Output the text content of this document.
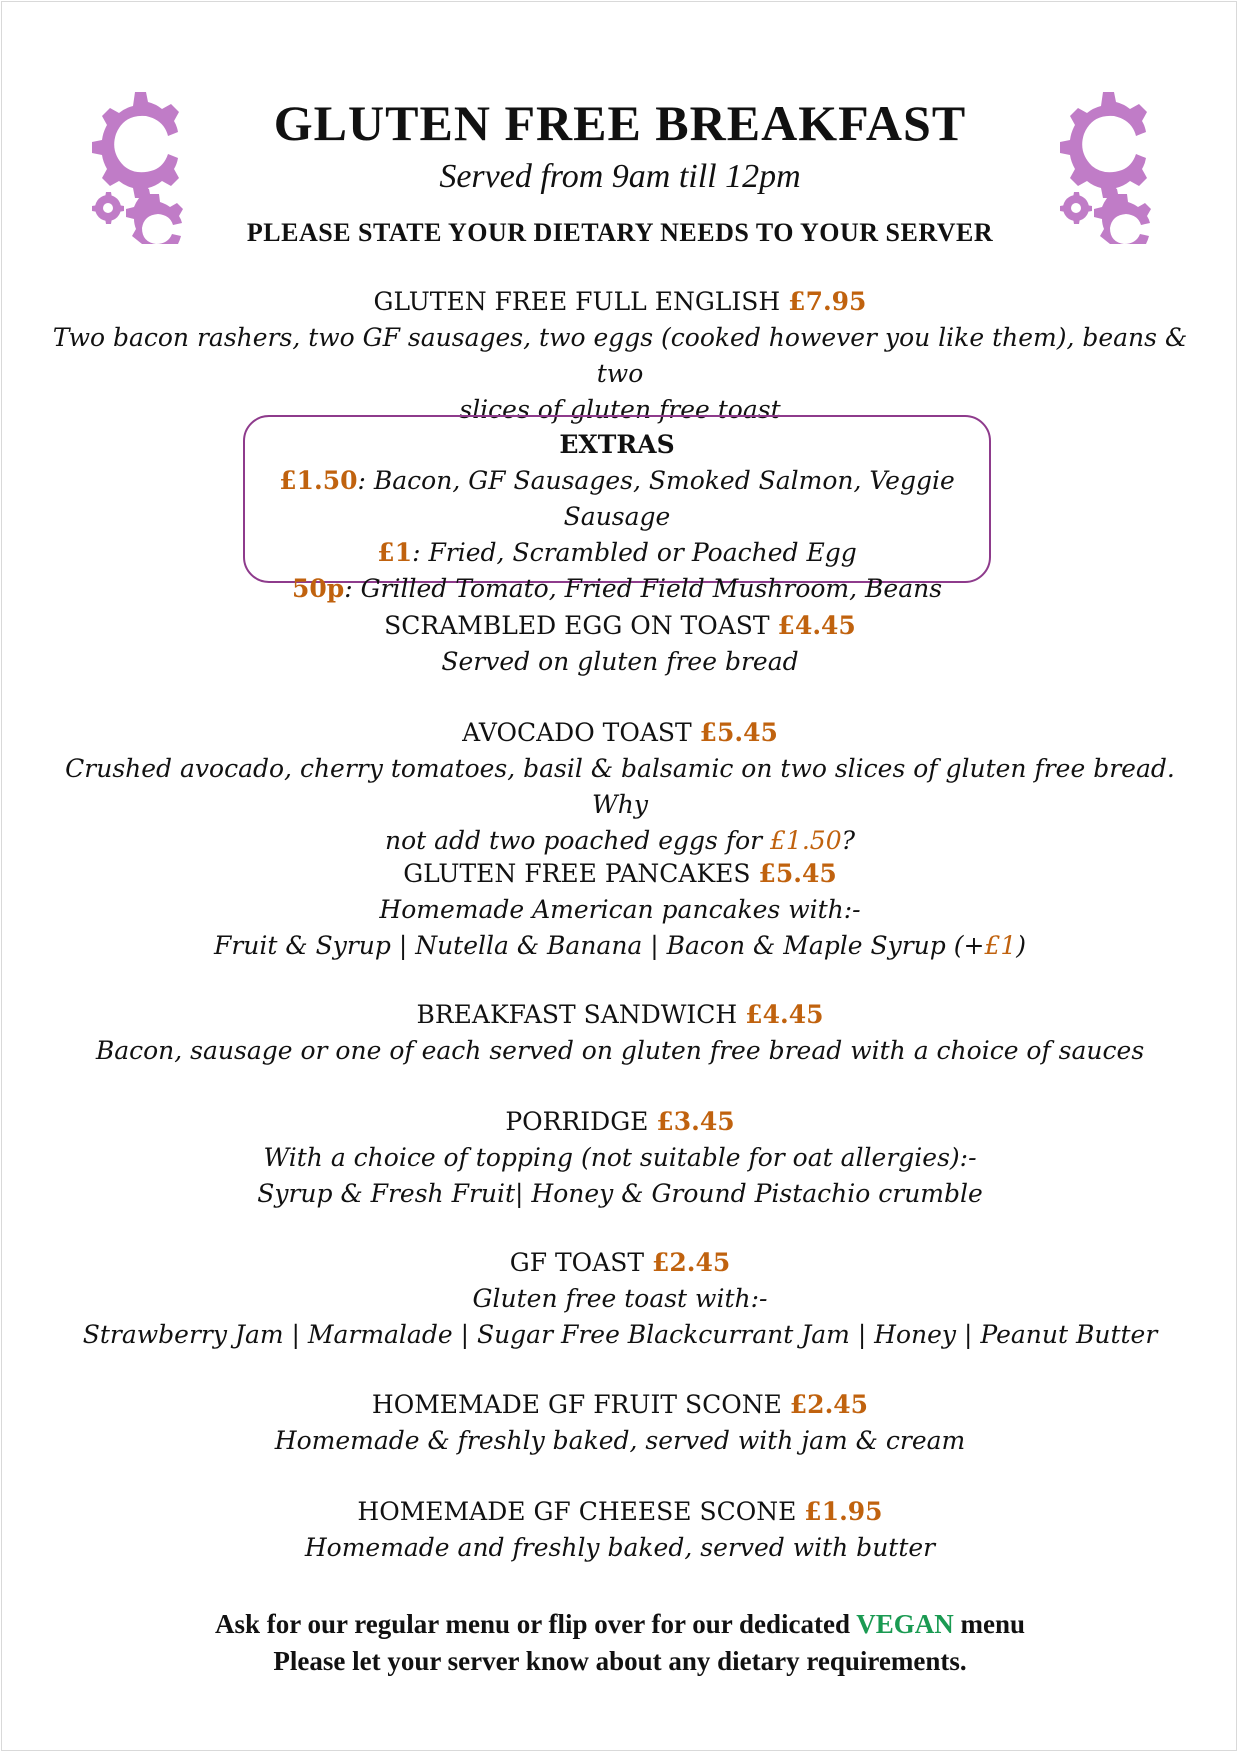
GLUTEN FREE BREAKFAST
Served from 9am till 12pm
PLEASE STATE YOUR DIETARY NEEDS TO YOUR SERVER
GLUTEN FREE FULL ENGLISH £7.95
Two bacon rashers, two GF sausages, two eggs (cooked however you like them), beans & two
slices of gluten free toast
EXTRAS
£1.50: Bacon, GF Sausages, Smoked Salmon, Veggie Sausage
£1: Fried, Scrambled or Poached Egg
50p: Grilled Tomato, Fried Field Mushroom, Beans
SCRAMBLED EGG ON TOAST £4.45
Served on gluten free bread
AVOCADO TOAST £5.45
Crushed avocado, cherry tomatoes, basil & balsamic on two slices of gluten free bread. Why
not add two poached eggs for £1.50?
GLUTEN FREE PANCAKES £5.45
Homemade American pancakes with:-
Fruit & Syrup | Nutella & Banana | Bacon & Maple Syrup (+£1)
BREAKFAST SANDWICH £4.45
Bacon, sausage or one of each served on gluten free bread with a choice of sauces
PORRIDGE £3.45
With a choice of topping (not suitable for oat allergies):-
Syrup & Fresh Fruit| Honey & Ground Pistachio crumble
GF TOAST £2.45
Gluten free toast with:-
Strawberry Jam | Marmalade | Sugar Free Blackcurrant Jam | Honey | Peanut Butter
HOMEMADE GF FRUIT SCONE £2.45
Homemade & freshly baked, served with jam & cream
HOMEMADE GF CHEESE SCONE £1.95
Homemade and freshly baked, served with butter
Ask for our regular menu or flip over for our dedicated VEGAN menu
Please let your server know about any dietary requirements.
